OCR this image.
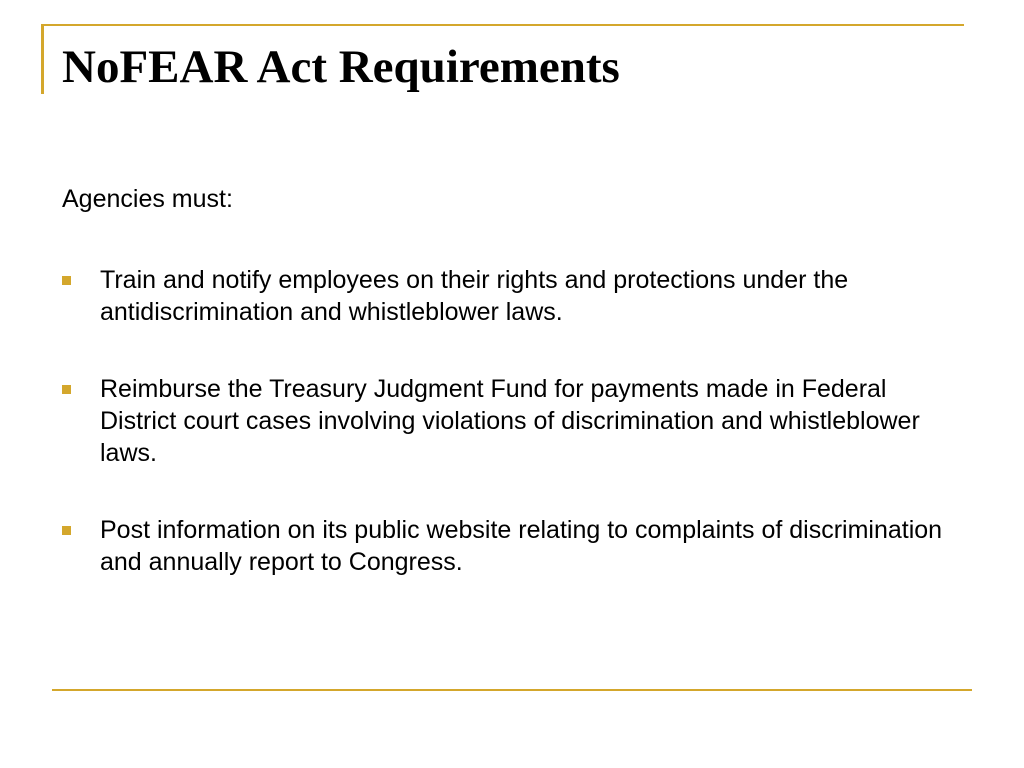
NoFEAR Act Requirements

Agencies must:

Train and notify employees on their rights and protections under the antidiscrimination and whistleblower laws.
Reimburse the Treasury Judgment Fund for payments made in Federal District court cases involving violations of discrimination and whistleblower laws.
Post information on its public website relating to complaints of discrimination and annually report to Congress.
